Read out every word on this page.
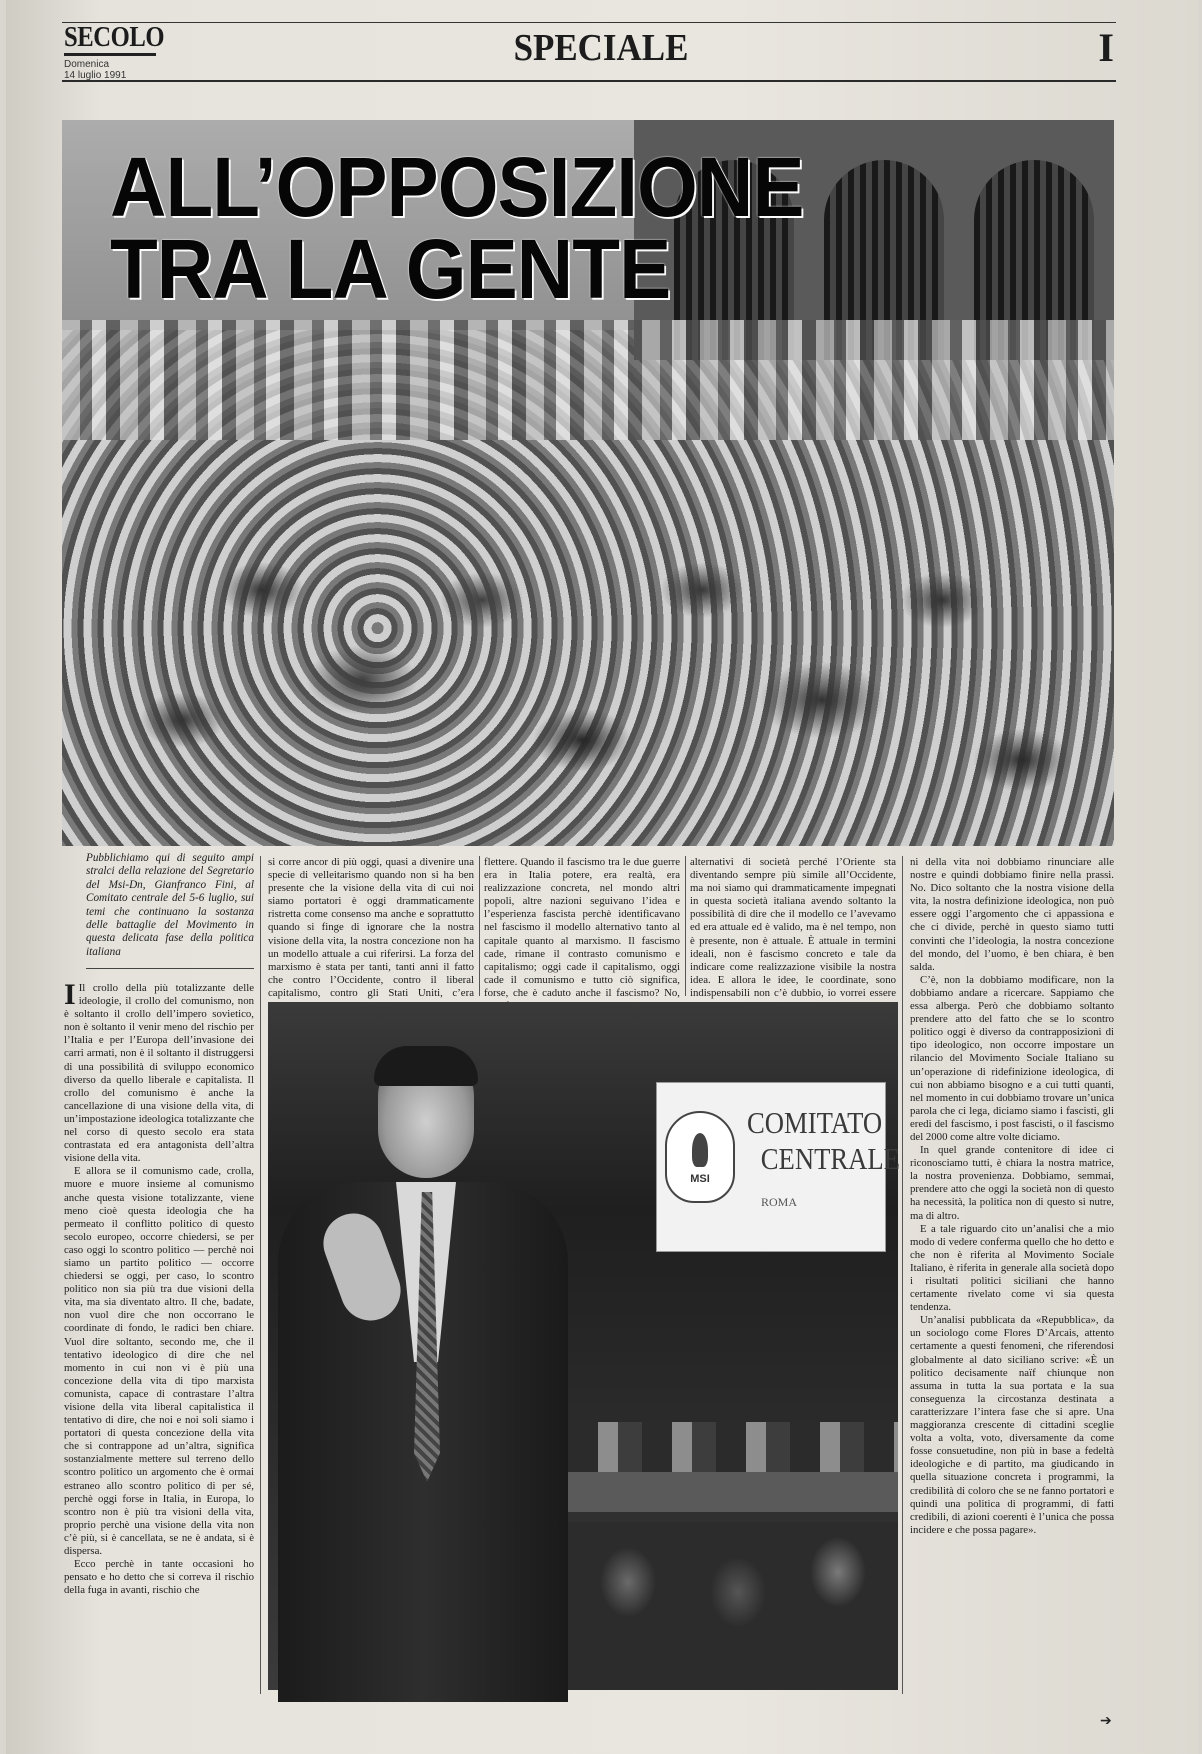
SECOLO
Domenica
14 luglio 1991
SPECIALE	I
ALL’OPPOSIZIONE
TRA LA GENTE
Pubblichiamo qui di seguito ampi stralci della relazione del Segretario del Msi-Dn, Gianfranco Fini, al Comitato centrale del 5-6 luglio, sui temi che continuano la sostanza delle battaglie del Movimento in questa delicata fase della politica italiana

I Il crollo della più totalizzante delle ideologie, il crollo del comunismo, non è soltanto il crollo dell’impero sovietico, non è soltanto il venir meno del rischio per l’Italia e per l’Europa dell’invasione dei carri armati, non è il soltanto il distruggersi di una possibilità di sviluppo economico diverso da quello liberale e capitalista. Il crollo del comunismo è anche la cancellazione di una visione della vita, di un’impostazione ideologica totalizzante che nel corso di questo secolo era stata contrastata ed era antagonista dell’altra visione della vita.

E allora se il comunismo cade, crolla, muore e muore insieme al comunismo anche questa visione totalizzante, viene meno cioè questa ideologia che ha permeato il conflitto politico di questo secolo europeo, occorre chiedersi, se per caso oggi lo scontro politico — perchè noi siamo un partito politico — occorre chiedersi se oggi, per caso, lo scontro politico non sia più tra due visioni della vita, ma sia diventato altro. Il che, badate, non vuol dire che non occorrano le coordinate di fondo, le radici ben chiare. Vuol dire soltanto, secondo me, che il tentativo ideologico di dire che nel momento in cui non vi è più una concezione della vita di tipo marxista comunista, capace di contrastare l’altra visione della vita liberal capitalistica il tentativo di dire, che noi e noi soli siamo i portatori di questa concezione della vita che si contrappone ad un’altra, significa sostanzialmente mettere sul terreno dello scontro politico un argomento che è ormai estraneo allo scontro politico di per sé, perchè oggi forse in Italia, in Europa, lo scontro non è più tra visioni della vita, proprio perchè una visione della vita non c’è più, si è cancellata, se ne è andata, si è dispersa.

Ecco perchè in tante occasioni ho pensato e ho detto che si correva il rischio della fuga in avanti, rischio che

si corre ancor di più oggi, quasi a divenire una specie di velleitarismo quando non si ha ben presente che la visione della vita di cui noi siamo portatori è oggi drammaticamente ristretta come consenso ma anche e soprattutto quando si finge di ignorare che la nostra visione della vita, la nostra concezione non ha un modello attuale a cui riferirsi. La forza del marxismo è stata per tanti, tanti anni il fatto che contro l’Occidente, contro il liberal capitalismo, contro gli Stati Uniti, c’era

flettere. Quando il fascismo tra le due guerre era in Italia potere, era realtà, era realizzazione concreta, nel mondo altri popoli, altre nazioni seguivano l’idea e l’esperienza fascista perchè identificavano nel fascismo il modello alternativo tanto al capitale quanto al marxismo. Il fascismo cade, rimane il contrasto comunismo e capitalismo; oggi cade il capitalismo, oggi cade il comunismo e tutto ciò significa, forse, che è caduto anche il fascismo? No,

alternativi di società perché l’Oriente sta diventando sempre più simile all’Occidente, ma noi siamo qui drammaticamente impegnati in questa società italiana avendo soltanto la possibilità di dire che il modello ce l’avevamo ed era attuale ed è valido, ma è nel tempo, non è presente, non è attuale. È attuale in termini ideali, non è fascismo concreto e tale da indicare come realizzazione visibile la nostra idea. E allora le idee, le coordinate, sono indispensabili non c’è dubbio, io vorrei essere

ni della vita noi dobbiamo rinunciare alle nostre e quindi dobbiamo finire nella prassi. No. Dico soltanto che la nostra visione della vita, la nostra definizione ideologica, non può essere oggi l’argomento che ci appassiona e che ci divide, perchè in questo siamo tutti convinti che l’ideologia, la nostra concezione del mondo, del l’uomo, è ben chiara, è ben salda.

C’è, non la dobbiamo modificare, non la dobbiamo andare a ricercare. Sappiamo che essa alberga. Però che dobbiamo soltanto prendere atto del fatto che se lo scontro politico oggi è diverso da contrapposizioni di tipo ideologico, non occorre impostare un rilancio del Movimento Sociale Italiano su un’operazione di ridefinizione ideologica, di cui non abbiamo bisogno e a cui tutti quanti, nel momento in cui dobbiamo trovare un’unica parola che ci lega, diciamo siamo i fascisti, gli eredi del fascismo, i post fascisti, o il fascismo del 2000 come altre volte diciamo.

In quel grande contenitore di idee ci riconosciamo tutti, è chiara la nostra matrice, la nostra provenienza. Dobbiamo, semmai, prendere atto che oggi la società non di questo ha necessità, la politica non di questo si nutre, ma di altro.

E a tale riguardo cito un’analisi che a mio modo di vedere conferma quello che ho detto e che non è riferita al Movimento Sociale Italiano, è riferita in generale alla società dopo i risultati politici siciliani che hanno certamente rivelato come vi sia questa tendenza.

Un’analisi pubblicata da «Repubblica», da un sociologo come Flores D’Arcais, attento certamente a questi fenomeni, che riferendosi globalmente al dato siciliano scrive: «È un politico decisamente naïf chiunque non assuma in tutta la sua portata e la sua conseguenza la circostanza destinata a caratterizzare l’intera fase che si apre. Una maggioranza crescente di cittadini sceglie volta a volta, voto, diversamente da come fosse consuetudine, non più in base a fedeltà ideologiche e di partito, ma giudicando in quella situazione concreta i programmi, la credibilità di coloro che se ne fanno portatori e quindi una politica di programmi, di fatti credibili, di azioni coerenti è l’unica che possa incidere e che possa pagare».

MSI
COMITATO
CENTRALE
ROMA
➔
